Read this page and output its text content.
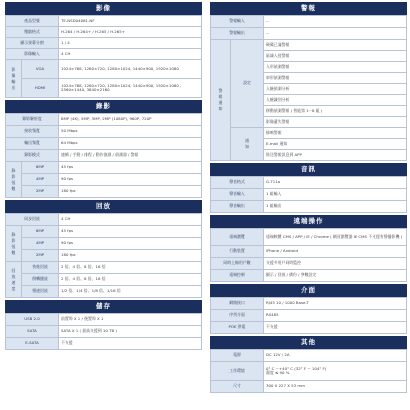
影像
產品型號		TE-NSD04081-NF
壓縮格式		H.264 / H.264+ / H.265 / H.265+
顯示螢幕分割		1 / 4
影像輸入		4 CH

影
像
輸
出	VGA	1024×768, 1280×720, 1280×1024, 1440×900, 1920×1080
	HDMI	1024×768, 1280×720, 1280×1024, 1440×900, 1920×1080 , 2560×1440, 3840×2160
錄影
錄影解析度		8MP (4K), 5MP, 3MP, 2MP (1080P), 960P, 720P
接收頻寬		50 Mbps
輸出頻寬		64 Mbps
錄影模式		連續 / 手動 / 排程 / 動作偵測 / 偵測器 / 警報

錄
影
張
數	8MP	45 fps
	4MP	90 fps
	2MP	180 fps
回放
同步回放		4 CH

錄
影
張
數	8MP	45 fps
	4MP	90 fps
	2MP	180 fps

回
放
速
度	快進回放	2 倍、4 倍、8 倍、16 倍
	倒轉播放	2 倍、4 倍、8 倍、16 倍
	慢速回放	1/2 倍、1/4 倍、1/8 倍、1/16 倍
儲存
USB 2.0	前置埠 X 1 / 後置埠 X 1
SATA	SATA X 1 ( 最高支援到 10 TB )
E-SATA	不支援
警報
警報輸入		--
警報輸出		--

警
報
通
知	設定	硬碟已滿警報
		區域入侵警報
		人形偵測警報
		車形偵測警報
		人臉偵測分析
		人臉識別分析
		移動偵測警報 ( 智能第 1~8 組 )
		影像遺失警報

	通
知	蜂鳴警報
		E-mail 通知
		推送警報訊息到 APP
音訊
聲音格式	G.711a
聲音輸入	1 組輸入
聲音輸出	1 組輸出
遠端操作
遠端瀏覽	遠端軟體 CMS / APP / IE / Chrome ( 網頁瀏覽器 IE CMS 不支援有聲播影機 )
行動裝置	iPhone / Android
同時上線用戶數	支援多用戶同時監控
遠端控制	顯示 / 回放 / 備份 / 參數設定
介面
網路接口	RJ45 10 / 1000 Base-T
序列介面	RS485
POE 供電	不支援
其他
電源	DC 12V / 2A
工作環境	0° C ~+40° C (32° F ~ 104° F)
濕度 ≤ 90 %

尺寸	300 X 227 X 53 mm
